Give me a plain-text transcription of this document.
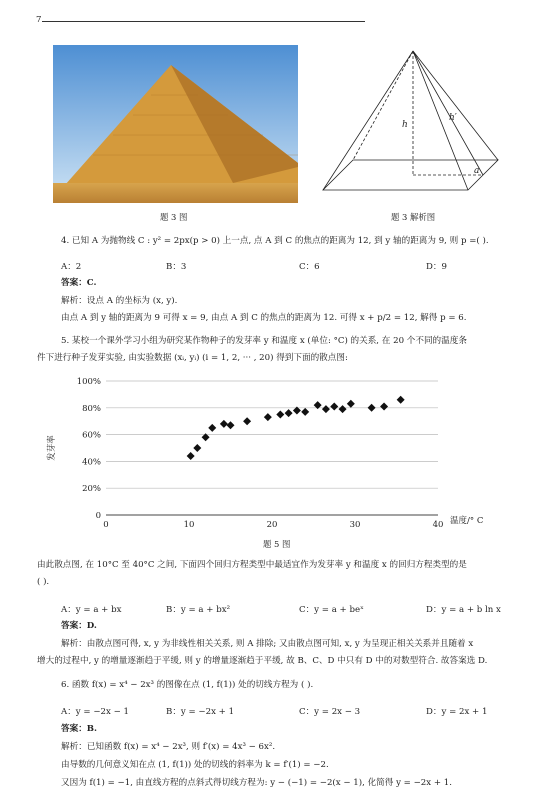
7
h
h′
a
题 3 图	题 3 解析图
4. 已知 A 为抛物线 C : y² = 2px(p > 0) 上一点, 点 A 到 C 的焦点的距离为 12, 到 y 轴的距离为 9, 则 p =( ).
A：2	B：3	C：6	D：9
答案：C.
解析：设点 A 的坐标为 (x, y).
由点 A 到 y 轴的距离为 9 可得 x = 9, 由点 A 到 C 的焦点的距离为 12. 可得 x + p/2 = 12, 解得 p = 6.
5. 某校一个课外学习小组为研究某作物种子的发芽率 y 和温度 x (单位: °C) 的关系, 在 20 个不同的温度条
件下进行种子发芽实验, 由实验数据 (xᵢ, yᵢ) (i = 1, 2, ··· , 20) 得到下面的散点图:
0
20%
40%
60%
80%
100%
0	10	20	30	40 温度/° C
发芽率
题 5 图
由此散点图, 在 10°C 至 40°C 之间, 下面四个回归方程类型中最适宜作为发芽率 y 和温度 x 的回归方程类型的是
( ).
A：y = a + bx	B：y = a + bx²	C：y = a + beˣ	D：y = a + b ln x
答案：D.
解析：由散点图可得, x, y 为非线性相关关系, 则 A 排除; 又由散点图可知, x, y 为呈现正相关关系并且随着 x
增大的过程中, y 的增量逐渐趋于平缓, 则 y 的增量逐渐趋于平缓, 故 B、C、D 中只有 D 中的对数型符合. 故答案选 D.
6. 函数 f(x) = x⁴ − 2x³ 的图像在点 (1, f(1)) 处的切线方程为 ( ).
A：y = −2x − 1	B：y = −2x + 1	C：y = 2x − 3	D：y = 2x + 1
答案：B.
解析：已知函数 f(x) = x⁴ − 2x³, 则 f′(x) = 4x³ − 6x².
由导数的几何意义知在点 (1, f(1)) 处的切线的斜率为 k = f′(1) = −2.
又因为 f(1) = −1, 由直线方程的点斜式得切线方程为: y − (−1) = −2(x − 1), 化简得 y = −2x + 1.
